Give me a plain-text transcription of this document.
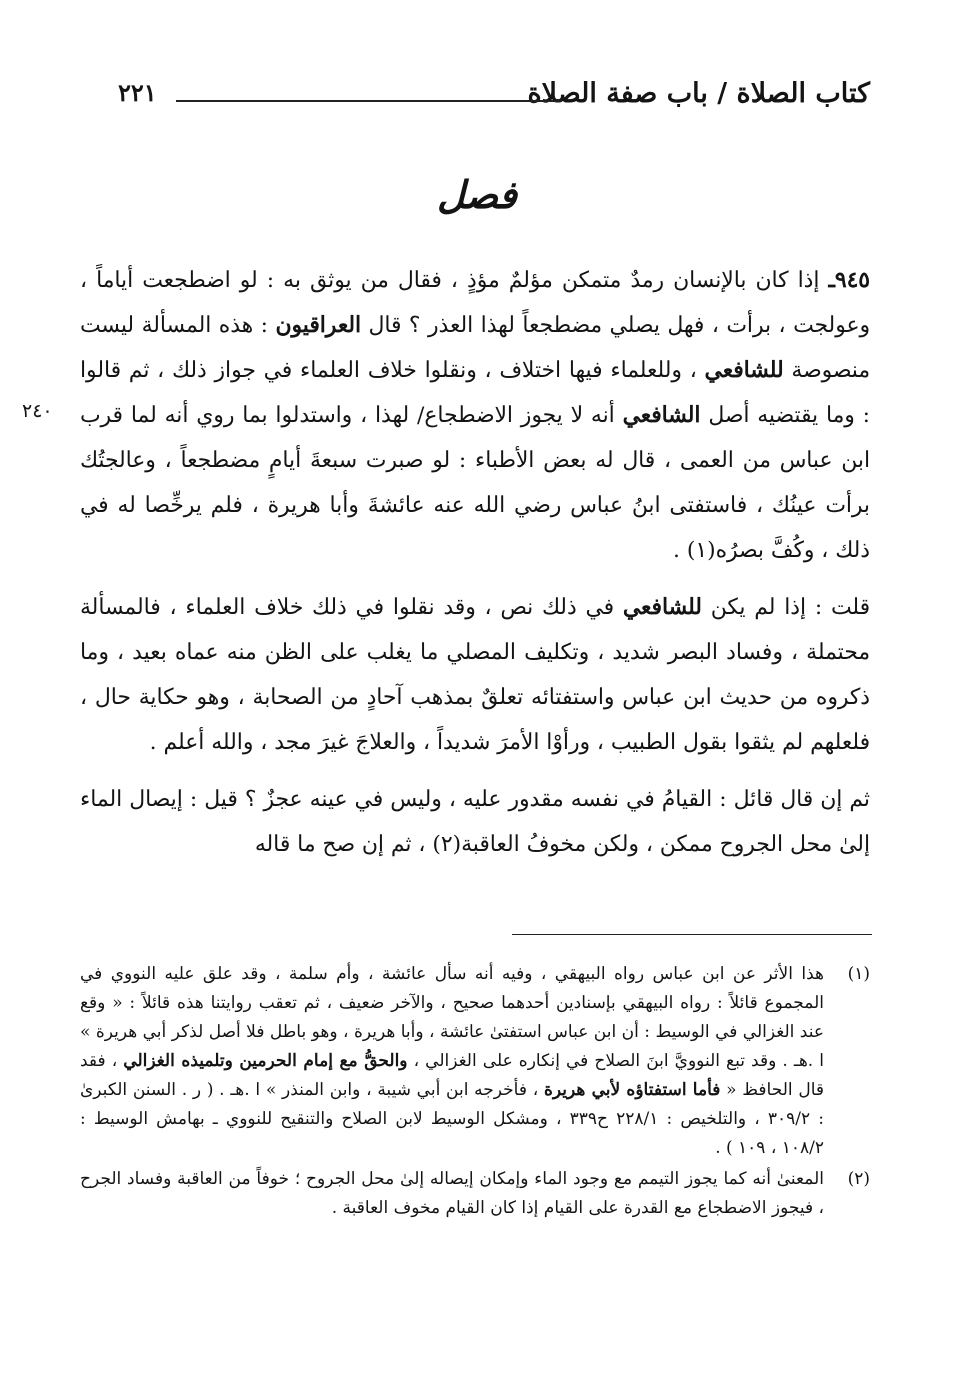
كتاب الصلاة / باب صفة الصلاة
٢٢١
فصل
٢٤٠

٩٤٥ـ إذا كان بالإنسان رمدٌ متمكن مؤلمٌ مؤذٍ ، فقال من يوثق به : لو اضطجعت أياماً ، وعولجت ، برأت ، فهل يصلي مضطجعاً لهذا العذر ؟ قال العراقيون : هذه المسألة ليست منصوصة للشافعي ، وللعلماء فيها اختلاف ، ونقلوا خلاف العلماء في جواز ذلك ، ثم قالوا : وما يقتضيه أصل الشافعي أنه لا يجوز الاضطجاع/ لهذا ، واستدلوا بما روي أنه لما قرب ابن عباس من العمى ، قال له بعض الأطباء : لو صبرت سبعةَ أيامٍ مضطجعاً ، وعالجتُك برأت عينُك ، فاستفتى ابنُ عباس رضي الله عنه عائشةَ وأبا هريرة ، فلم يرخِّصا له في ذلك ، وكُفَّ بصرُه(١) .

قلت : إذا لم يكن للشافعي في ذلك نص ، وقد نقلوا في ذلك خلاف العلماء ، فالمسألة محتملة ، وفساد البصر شديد ، وتكليف المصلي ما يغلب على الظن منه عماه بعيد ، وما ذكروه من حديث ابن عباس واستفتائه تعلقٌ بمذهب آحادٍ من الصحابة ، وهو حكاية حال ، فلعلهم لم يثقوا بقول الطبيب ، ورأوْا الأمرَ شديداً ، والعلاجَ غيرَ مجد ، والله أعلم .

ثم إن قال قائل : القيامُ في نفسه مقدور عليه ، وليس في عينه عجزٌ ؟ قيل : إيصال الماء إلىٰ محل الجروح ممكن ، ولكن مخوفُ العاقبة(٢) ، ثم إن صح ما قاله

(١)
هذا الأثر عن ابن عباس رواه البيهقي ، وفيه أنه سأل عائشة ، وأم سلمة ، وقد علق عليه النووي في المجموع قائلاً : رواه البيهقي بإسنادين أحدهما صحيح ، والآخر ضعيف ، ثم تعقب روايتنا هذه قائلاً : « وقع عند الغزالي في الوسيط : أن ابن عباس استفتىٰ عائشة ، وأبا هريرة ، وهو باطل فلا أصل لذكر أبي هريرة » ا .هـ . وقد تبع النوويَّ ابنَ الصلاح في إنكاره على الغزالي ، والحقُّ مع إمام الحرمين وتلميذه الغزالي ، فقد قال الحافظ « فأما استفتاؤه لأبي هريرة ، فأخرجه ابن أبي شيبة ، وابن المنذر » ا .هـ . ( ر . السنن الكبرىٰ : ٣٠٩/٢ ، والتلخيص : ٢٢٨/١ ح٣٣٩ ، ومشكل الوسيط لابن الصلاح والتنقيح للنووي ـ بهامش الوسيط : ١٠٨/٢ ، ١٠٩ ) .

(٢)
المعنىٰ أنه كما يجوز التيمم مع وجود الماء وإمكان إيصاله إلىٰ محل الجروح ؛ خوفاً من العاقبة وفساد الجرح ، فيجوز الاضطجاع مع القدرة على القيام إذا كان القيام مخوف العاقبة .
